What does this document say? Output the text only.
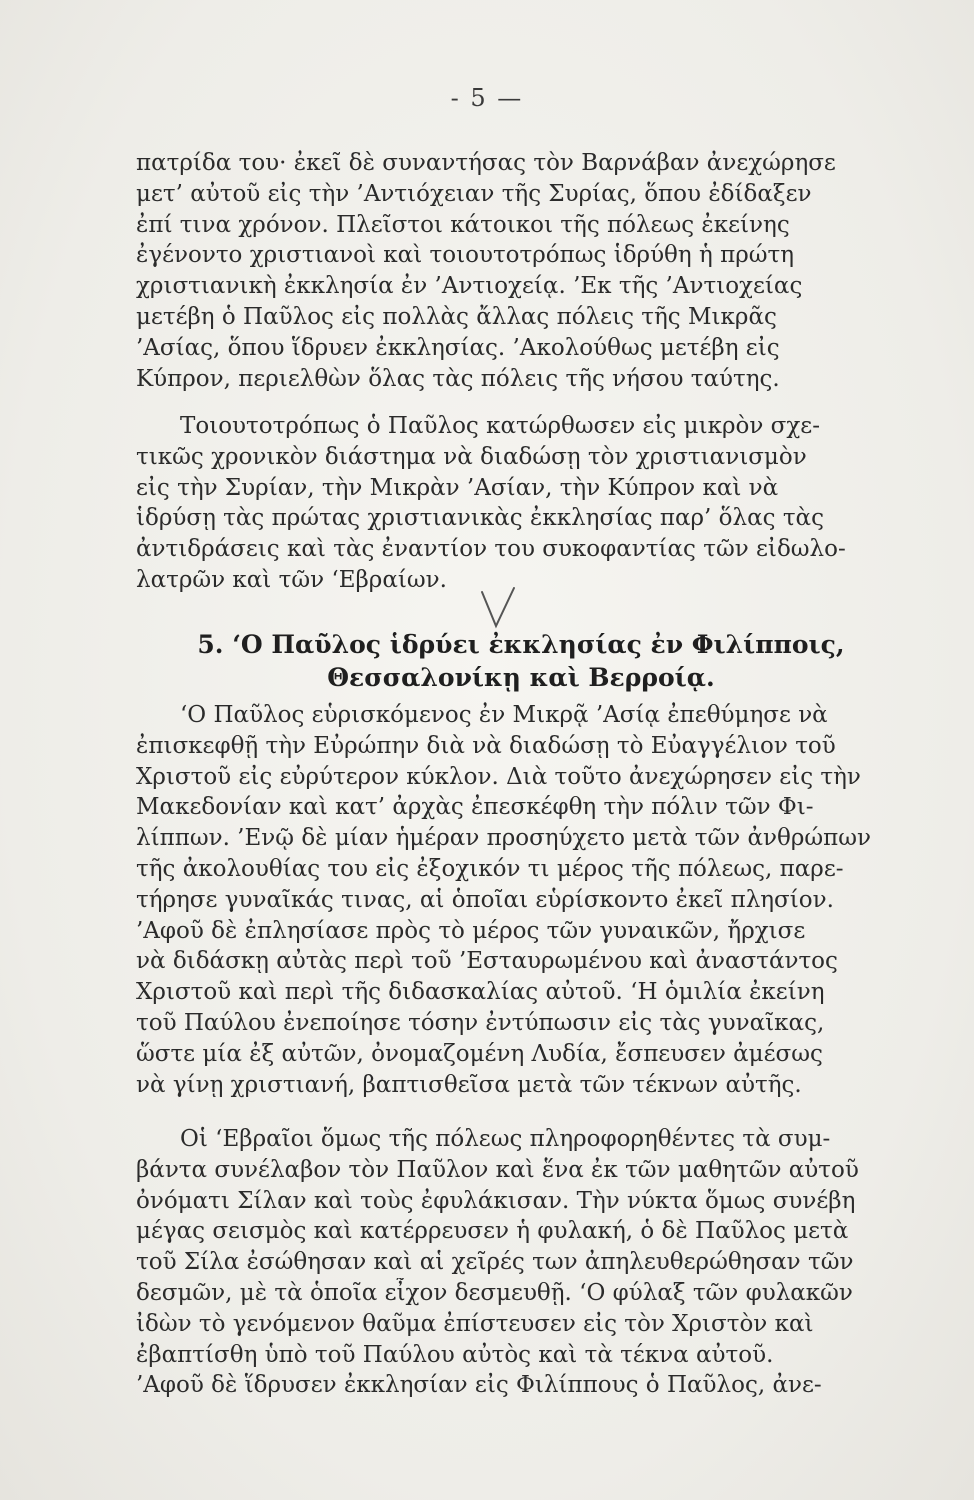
- 5 —
πατρίδα του· ἐκεῖ δὲ συναντήσας τὸν Βαρνάβαν ἀνεχώρησε
μετ’ αὐτοῦ εἰς τὴν ’Αντιόχειαν τῆς Συρίας, ὅπου ἐδίδαξεν
ἐπί τινα χρόνον. Πλεῖστοι κάτοικοι τῆς πόλεως ἐκείνης
ἐγένοντο χριστιανοὶ καὶ τοιουτοτρόπως ἱδρύθη ἡ πρώτη
χριστιανικὴ ἐκκλησία ἐν ’Αντιοχείᾳ. ’Εκ τῆς ’Αντιοχείας
μετέβη ὁ Παῦλος εἰς πολλὰς ἄλλας πόλεις τῆς Μικρᾶς
’Ασίας, ὅπου ἵδρυεν ἐκκλησίας. ’Ακολούθως μετέβη εἰς
Κύπρον, περιελθὼν ὅλας τὰς πόλεις τῆς νήσου ταύτης.
Τοιουτοτρόπως ὁ Παῦλος κατώρθωσεν εἰς μικρὸν σχε-
τικῶς χρονικὸν διάστημα νὰ διαδώσῃ τὸν χριστιανισμὸν
εἰς τὴν Συρίαν, τὴν Μικρὰν ’Ασίαν, τὴν Κύπρον καὶ νὰ
ἱδρύσῃ τὰς πρώτας χριστιανικὰς ἐκκλησίας παρ’ ὅλας τὰς
ἀντιδράσεις καὶ τὰς ἐναντίον του συκοφαντίας τῶν εἰδωλο-
λατρῶν καὶ τῶν ‘Εβραίων.
5. ‘Ο Παῦλος ἱδρύει ἐκκλησίας ἐν Φιλίπποις,
Θεσσαλονίκῃ καὶ Βερροίᾳ.
‘Ο Παῦλος εὑρισκόμενος ἐν Μικρᾷ ’Ασίᾳ ἐπεθύμησε νὰ
ἐπισκεφθῇ τὴν Εὐρώπην διὰ νὰ διαδώσῃ τὸ Εὐαγγέλιον τοῦ
Χριστοῦ εἰς εὐρύτερον κύκλον. Διὰ τοῦτο ἀνεχώρησεν εἰς τὴν
Μακεδονίαν καὶ κατ’ ἀρχὰς ἐπεσκέφθη τὴν πόλιν τῶν Φι-
λίππων. ’Ενῷ δὲ μίαν ἡμέραν προσηύχετο μετὰ τῶν ἀνθρώπων
τῆς ἀκολουθίας του εἰς ἐξοχικόν τι μέρος τῆς πόλεως, παρε-
τήρησε γυναῖκάς τινας, αἱ ὁποῖαι εὑρίσκοντο ἐκεῖ πλησίον.
’Αφοῦ δὲ ἐπλησίασε πρὸς τὸ μέρος τῶν γυναικῶν, ἤρχισε
νὰ διδάσκῃ αὐτὰς περὶ τοῦ ’Εσταυρωμένου καὶ ἀναστάντος
Χριστοῦ καὶ περὶ τῆς διδασκαλίας αὐτοῦ. ‘Η ὁμιλία ἐκείνη
τοῦ Παύλου ἐνεποίησε τόσην ἐντύπωσιν εἰς τὰς γυναῖκας,
ὥστε μία ἐξ αὐτῶν, ὀνομαζομένη Λυδία, ἔσπευσεν ἀμέσως
νὰ γίνῃ χριστιανή, βαπτισθεῖσα μετὰ τῶν τέκνων αὐτῆς.
Οἱ ‘Εβραῖοι ὅμως τῆς πόλεως πληροφορηθέντες τὰ συμ-
βάντα συνέλαβον τὸν Παῦλον καὶ ἕνα ἐκ τῶν μαθητῶν αὐτοῦ
ὀνόματι Σίλαν καὶ τοὺς ἐφυλάκισαν. Τὴν νύκτα ὅμως συνέβη
μέγας σεισμὸς καὶ κατέρρευσεν ἡ φυλακή, ὁ δὲ Παῦλος μετὰ
τοῦ Σίλα ἐσώθησαν καὶ αἱ χεῖρές των ἀπηλευθερώθησαν τῶν
δεσμῶν, μὲ τὰ ὁποῖα εἶχον δεσμευθῇ. ‘Ο φύλαξ τῶν φυλακῶν
ἰδὼν τὸ γενόμενον θαῦμα ἐπίστευσεν εἰς τὸν Χριστὸν καὶ
ἐβαπτίσθη ὑπὸ τοῦ Παύλου αὐτὸς καὶ τὰ τέκνα αὐτοῦ.
’Αφοῦ δὲ ἵδρυσεν ἐκκλησίαν εἰς Φιλίππους ὁ Παῦλος, ἀνε-
